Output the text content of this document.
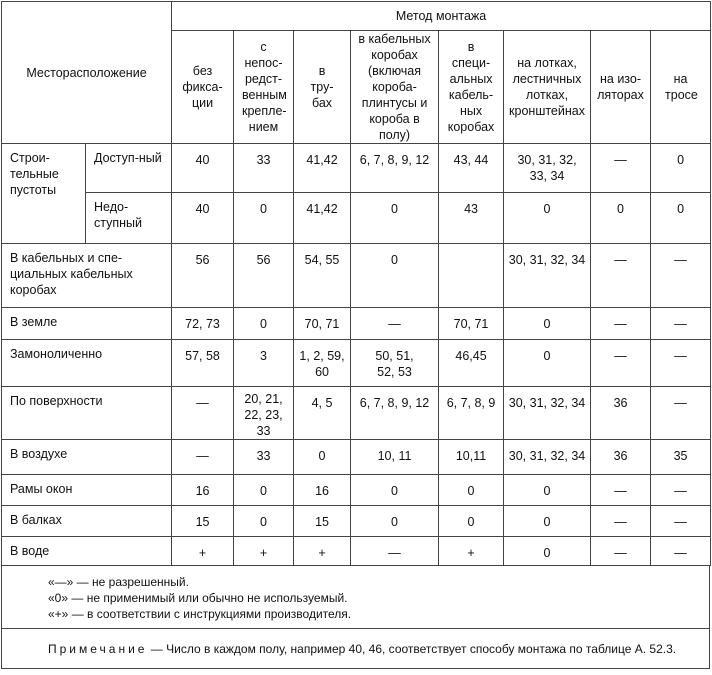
Месторасположение		Метод монтажа							
		без фикса-ции	с непос-редст-венным крепле-нием	в тру-бах	в кабельных коробах (включая короба-плинтусы и короба в полу)	в специ-альных кабель-ных коробах	на лотках, лестничных лотках, кронштейнах	на изо-ляторах	на тросе
Строи-тельные пустоты	Доступ-ный	40	33	41,42	6, 7, 8, 9, 12	43, 44	30, 31, 32, 33, 34	—	0
	Недо-ступный	40	0	41,42	0	43	0	0	0
В кабельных и спе-циальных кабельных коробах		56	56	54, 55	0		30, 31, 32, 34	—	—
В земле		72, 73	0	70, 71	—	70, 71	0	—	—
Замоноличенно		57, 58	3	1, 2, 59, 60	50, 51, 52, 53	46,45	0	—	—
По поверхности		—	20, 21, 22, 23, 33	4, 5	6, 7, 8, 9, 12	6, 7, 8, 9	30, 31, 32, 34	36	—
В воздухе		—	33	0	10, 11	10,11	30, 31, 32, 34	36	35
Рамы окон		16	0	16	0	0	0	—	—
В балках		15	0	15	0	0	0	—	—
В воде		+	+	+	—	+	0	—	—
«—» — не разрешенный.
«0» — не применимый или обычно не используемый.
«+» — в соответствии с инструкциями производителя.
Примечание — Число в каждом полу, например 40, 46, соответствует способу монтажа по таблице А. 52.3.
